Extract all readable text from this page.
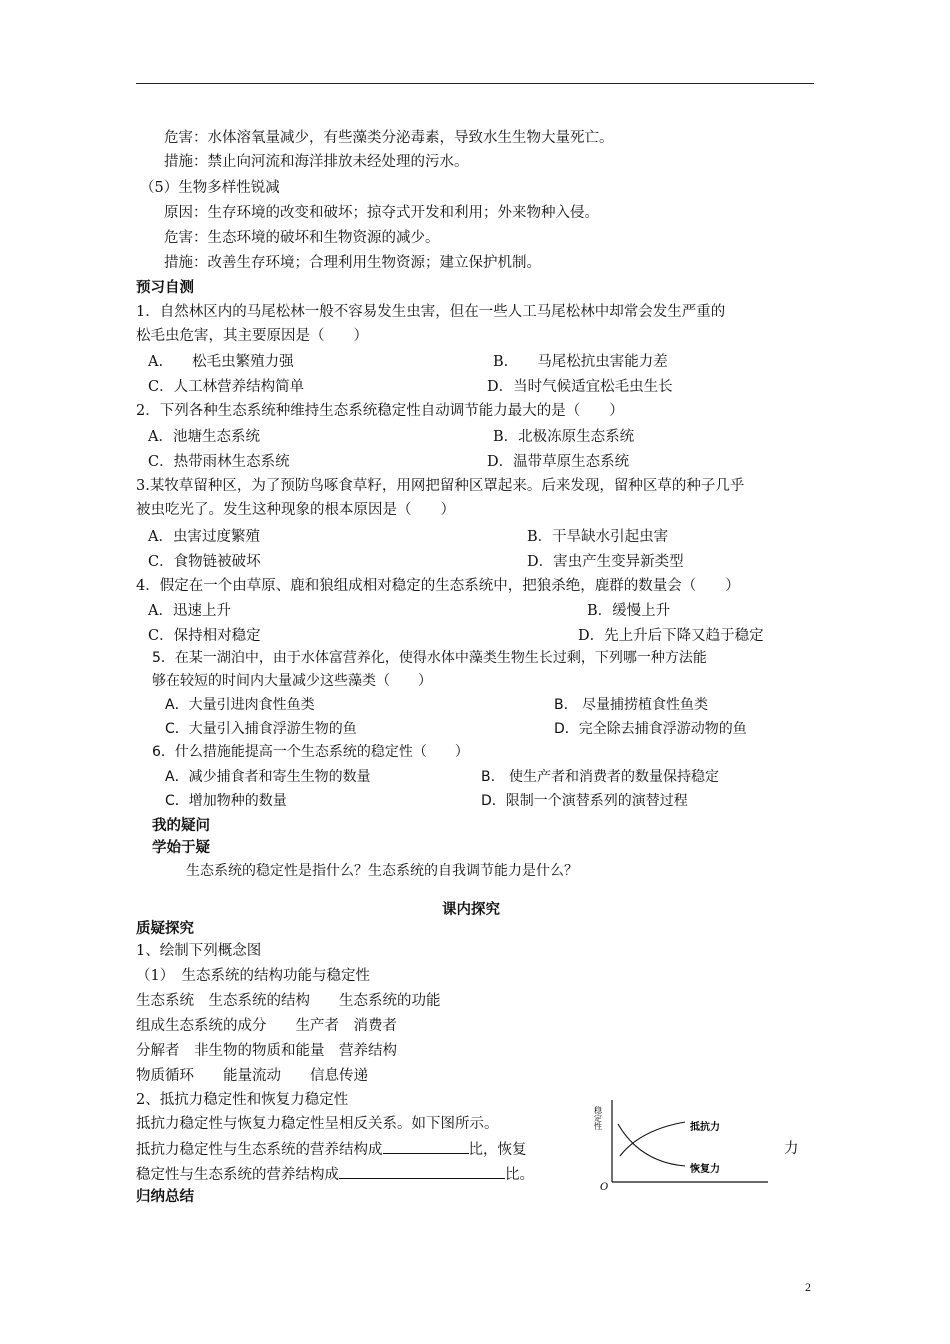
危害：水体溶氧量减少，有些藻类分泌毒素，导致水生生物大量死亡。
措施：禁止向河流和海洋排放未经处理的污水。
（5）生物多样性锐减
原因：生存环境的改变和破坏；掠夺式开发和利用；外来物种入侵。
危害：生态环境的破坏和生物资源的减少。
措施：改善生存环境；合理利用生物资源；建立保护机制。
预习自测
1．自然林区内的马尾松林一般不容易发生虫害，但在一些人工马尾松林中却常会发生严重的
松毛虫危害，其主要原因是（　　）
A.　　松毛虫繁殖力强	B.　　马尾松抗虫害能力差
C．人工林营养结构简单	D．当时气候适宜松毛虫生长
2．下列各种生态系统种维持生态系统稳定性自动调节能力最大的是（　　）
A．池塘生态系统	B．北极冻原生态系统
C．热带雨林生态系统	D．温带草原生态系统
3.某牧草留种区，为了预防鸟啄食草籽，用网把留种区罩起来。后来发现，留种区草的种子几乎
被虫吃光了。发生这种现象的根本原因是（　　）
A．虫害过度繁殖	B．干旱缺水引起虫害
C．食物链被破坏	D．害虫产生变异新类型
4．假定在一个由草原、鹿和狼组成相对稳定的生态系统中，把狼杀绝，鹿群的数量会（　　）
A．迅速上升	B．缓慢上升
C．保持相对稳定	D．先上升后下降又趋于稳定
5．在某一湖泊中，由于水体富营养化，使得水体中藻类生物生长过剩，下列哪一种方法能
够在较短的时间内大量减少这些藻类（　　）
A．大量引进肉食性鱼类	B.　尽量捕捞植食性鱼类
C．大量引入捕食浮游生物的鱼	D．完全除去捕食浮游动物的鱼
6．什么措施能提高一个生态系统的稳定性（　　）
A．减少捕食者和寄生生物的数量	B.　使生产者和消费者的数量保持稳定
C．增加物种的数量	D．限制一个演替系列的演替过程
我的疑问
学始于疑
生态系统的稳定性是指什么？生态系统的自我调节能力是什么？
课内探究
质疑探究
1、绘制下列概念图
（1）　生态系统的结构功能与稳定性
生态系统　生态系统的结构　　生态系统的功能
组成生态系统的成分　　生产者　消费者
分解者　非生物的物质和能量　营养结构
物质循环　　能量流动　　信息传递
2、抵抗力稳定性和恢复力稳定性
抵抗力稳定性与恢复力稳定性呈相反关系。如下图所示。
抵抗力稳定性与生态系统的营养结构成	比，恢复	力
稳定性与生态系统的营养结构成	比。
归纳总结
稳定性	抵抗力
恢复力
O
2
